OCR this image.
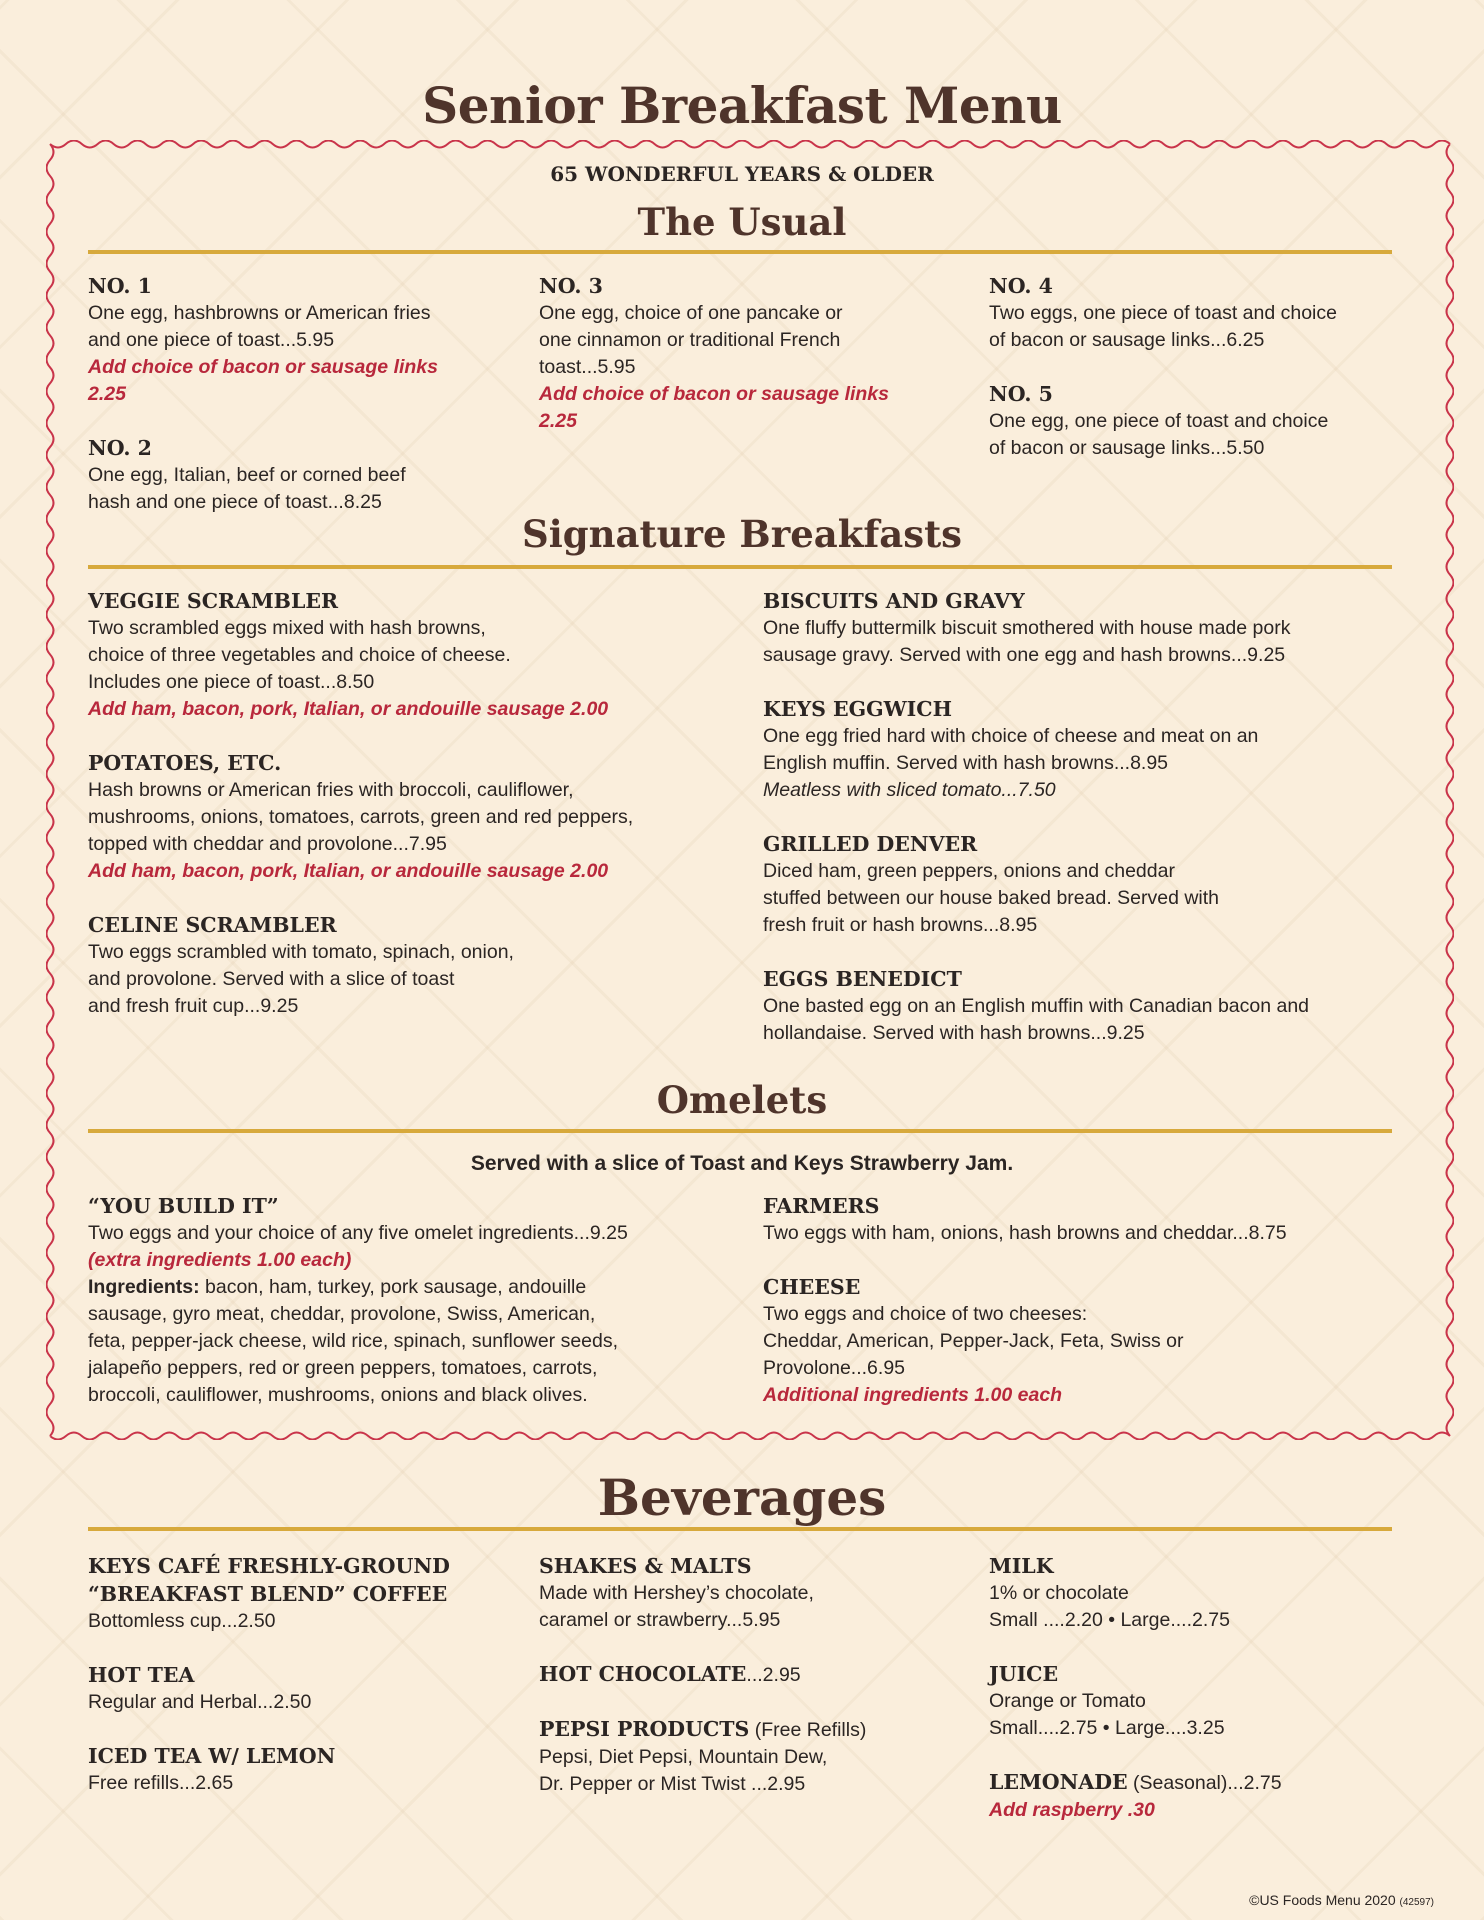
Senior Breakfast Menu
65 WONDERFUL YEARS & OLDER
The Usual
NO. 1
One egg, hashbrowns or American fries
and one piece of toast...5.95
Add choice of bacon or sausage links
2.25
NO. 2
One egg, Italian, beef or corned beef
hash and one piece of toast...8.25
NO. 3
One egg, choice of one pancake or
one cinnamon or traditional French
toast...5.95
Add choice of bacon or sausage links
2.25
NO. 4
Two eggs, one piece of toast and choice
of bacon or sausage links...6.25
NO. 5
One egg, one piece of toast and choice
of bacon or sausage links...5.50
Signature Breakfasts
VEGGIE SCRAMBLER
Two scrambled eggs mixed with hash browns,
choice of three vegetables and choice of cheese.
Includes one piece of toast...8.50
Add ham, bacon, pork, Italian, or andouille sausage 2.00
POTATOES, ETC.
Hash browns or American fries with broccoli, cauliflower,
mushrooms, onions, tomatoes, carrots, green and red peppers,
topped with cheddar and provolone...7.95
Add ham, bacon, pork, Italian, or andouille sausage 2.00
CELINE SCRAMBLER
Two eggs scrambled with tomato, spinach, onion,
and provolone. Served with a slice of toast
and fresh fruit cup...9.25
BISCUITS AND GRAVY
One fluffy buttermilk biscuit smothered with house made pork
sausage gravy. Served with one egg and hash browns...9.25
KEYS EGGWICH
One egg fried hard with choice of cheese and meat on an
English muffin. Served with hash browns...8.95
Meatless with sliced tomato...7.50
GRILLED DENVER
Diced ham, green peppers, onions and cheddar
stuffed between our house baked bread. Served with
fresh fruit or hash browns...8.95
EGGS BENEDICT
One basted egg on an English muffin with Canadian bacon and
hollandaise. Served with hash browns...9.25
Omelets
Served with a slice of Toast and Keys Strawberry Jam.
“YOU BUILD IT”
Two eggs and your choice of any five omelet ingredients...9.25
(extra ingredients 1.00 each)
Ingredients: bacon, ham, turkey, pork sausage, andouille
sausage, gyro meat, cheddar, provolone, Swiss, American,
feta, pepper-jack cheese, wild rice, spinach, sunflower seeds,
jalapeño peppers, red or green peppers, tomatoes, carrots,
broccoli, cauliflower, mushrooms, onions and black olives.
FARMERS
Two eggs with ham, onions, hash browns and cheddar...8.75
CHEESE
Two eggs and choice of two cheeses:
Cheddar, American, Pepper-Jack, Feta, Swiss or
Provolone...6.95
Additional ingredients 1.00 each
Beverages
KEYS CAFÉ FRESHLY-GROUND
“BREAKFAST BLEND” COFFEE
Bottomless cup...2.50
HOT TEA
Regular and Herbal...2.50
ICED TEA W/ LEMON
Free refills...2.65
SHAKES & MALTS
Made with Hershey’s chocolate,
caramel or strawberry...5.95
HOT CHOCOLATE...2.95
PEPSI PRODUCTS (Free Refills)
Pepsi, Diet Pepsi, Mountain Dew,
Dr. Pepper or Mist Twist ...2.95
MILK
1% or chocolate
Small ....2.20 • Large....2.75
JUICE
Orange or Tomato
Small....2.75 • Large....3.25
LEMONADE (Seasonal)...2.75
Add raspberry .30
©US Foods Menu 2020 (42597)
